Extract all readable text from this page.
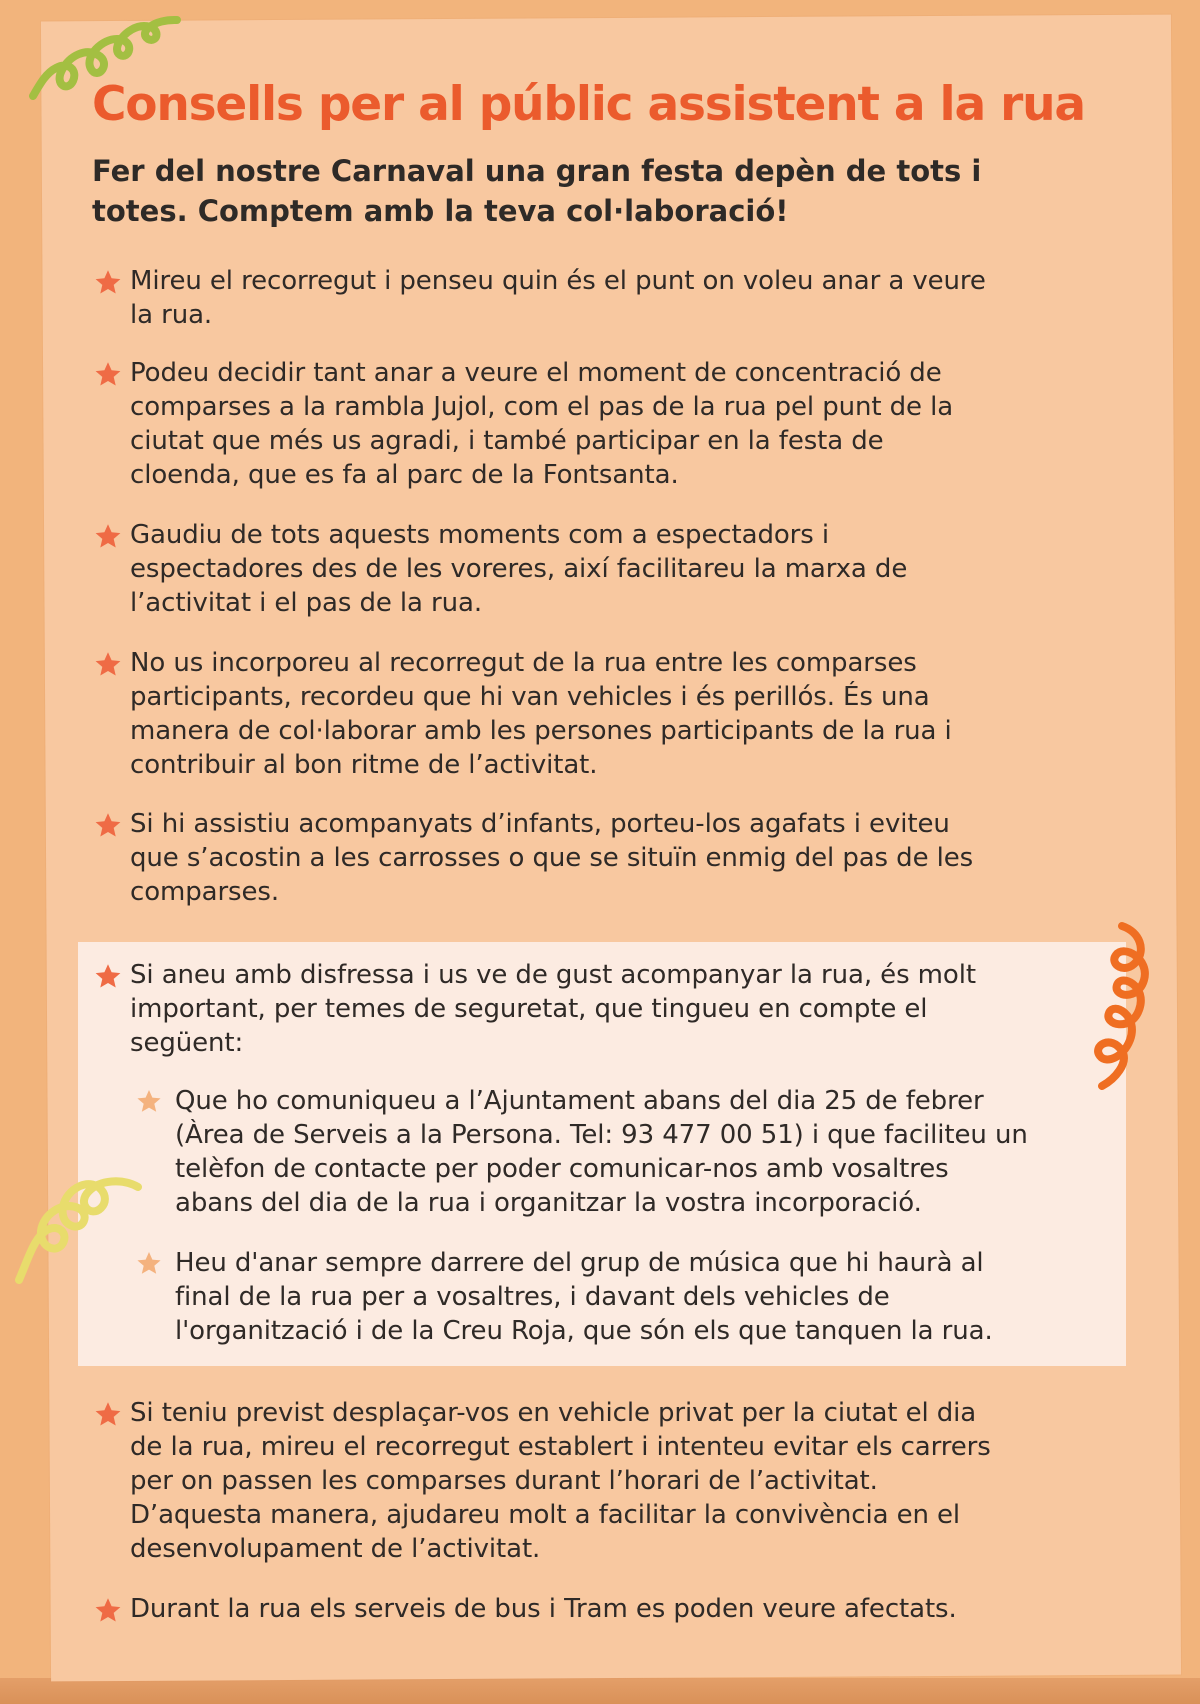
Consells per al públic assistent a la rua

Fer del nostre Carnaval una gran festa depèn de tots i
totes. Comptem amb la teva col·laboració!

Mireu el recorregut i penseu quin és el punt on voleu anar a veure
la rua.

Podeu decidir tant anar a veure el moment de concentració de
comparses a la rambla Jujol, com el pas de la rua pel punt de la
ciutat que més us agradi, i també participar en la festa de
cloenda, que es fa al parc de la Fontsanta.

Gaudiu de tots aquests moments com a espectadors i
espectadores des de les voreres, així facilitareu la marxa de
l’activitat i el pas de la rua.

No us incorporeu al recorregut de la rua entre les comparses
participants, recordeu que hi van vehicles i és perillós. És una
manera de col·laborar amb les persones participants de la rua i
contribuir al bon ritme de l’activitat.

Si hi assistiu acompanyats d’infants, porteu-los agafats i eviteu
que s’acostin a les carrosses o que se situïn enmig del pas de les
comparses.

Si aneu amb disfressa i us ve de gust acompanyar la rua, és molt
important, per temes de seguretat, que tingueu en compte el
següent:

Que ho comuniqueu a l’Ajuntament abans del dia 25 de febrer
(Àrea de Serveis a la Persona. Tel: 93 477 00 51) i que faciliteu un
telèfon de contacte per poder comunicar-nos amb vosaltres
abans del dia de la rua i organitzar la vostra incorporació.

Heu d'anar sempre darrere del grup de música que hi haurà al
final de la rua per a vosaltres, i davant dels vehicles de
l'organització i de la Creu Roja, que són els que tanquen la rua.

Si teniu previst desplaçar-vos en vehicle privat per la ciutat el dia
de la rua, mireu el recorregut establert i intenteu evitar els carrers
per on passen les comparses durant l’horari de l’activitat.
D’aquesta manera, ajudareu molt a facilitar la convivència en el
desenvolupament de l’activitat.

Durant la rua els serveis de bus i Tram es poden veure afectats.
